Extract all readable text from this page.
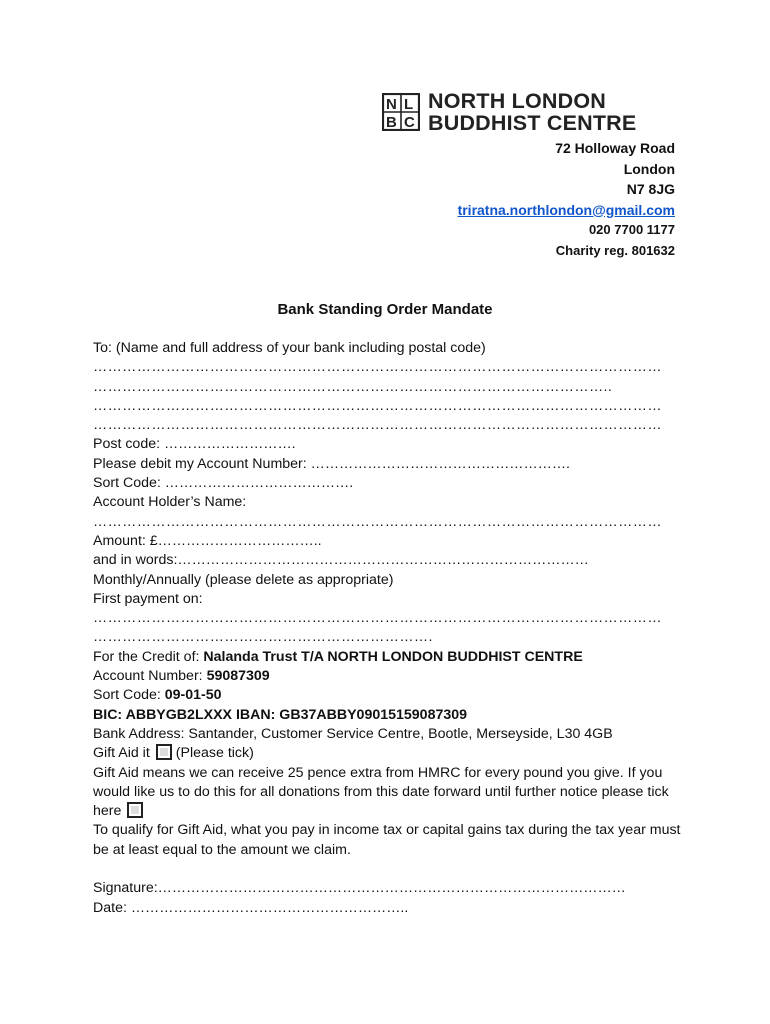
N L
B C
NORTH LONDON
BUDDHIST CENTRE
72 Holloway Road
London
N7 8JG
triratna.northlondon@gmail.com
020 7700 1177
Charity reg. 801632
Bank Standing Order Mandate
To: (Name and full address of your bank including postal code)
………………………………………………………………………………………………………
……………………………………………………………………………………………..
………………………………………………………………………………………………………
………………………………………………………………………………………………………
Post code: ……………………….
Please debit my Account Number: ……………………………………………….
Sort Code: ………………………………….
Account Holder’s Name:
………………………………………………………………………………………………………
Amount: £……………………………..
and in words:……………………………………………………………………………
Monthly/Annually (please delete as appropriate)
First payment on:
………………………………………………………………………………………………………
…………………………………………………………….
For the Credit of: Nalanda Trust T/A NORTH LONDON BUDDHIST CENTRE
Account Number: 59087309
Sort Code: 09-01-50
BIC: ABBYGB2LXXX IBAN: GB37ABBY09015159087309
Bank Address: Santander, Customer Service Centre, Bootle, Merseyside, L30 4GB
Gift Aid it (Please tick)
Gift Aid means we can receive 25 pence extra from HMRC for every pound you give. If you would like us to do this for all donations from this date forward until further notice please tick here
To qualify for Gift Aid, what you pay in income tax or capital gains tax during the tax year must be at least equal to the amount we claim.
Signature:………………………………………………………………………………………
Date: …………………………………………………..
